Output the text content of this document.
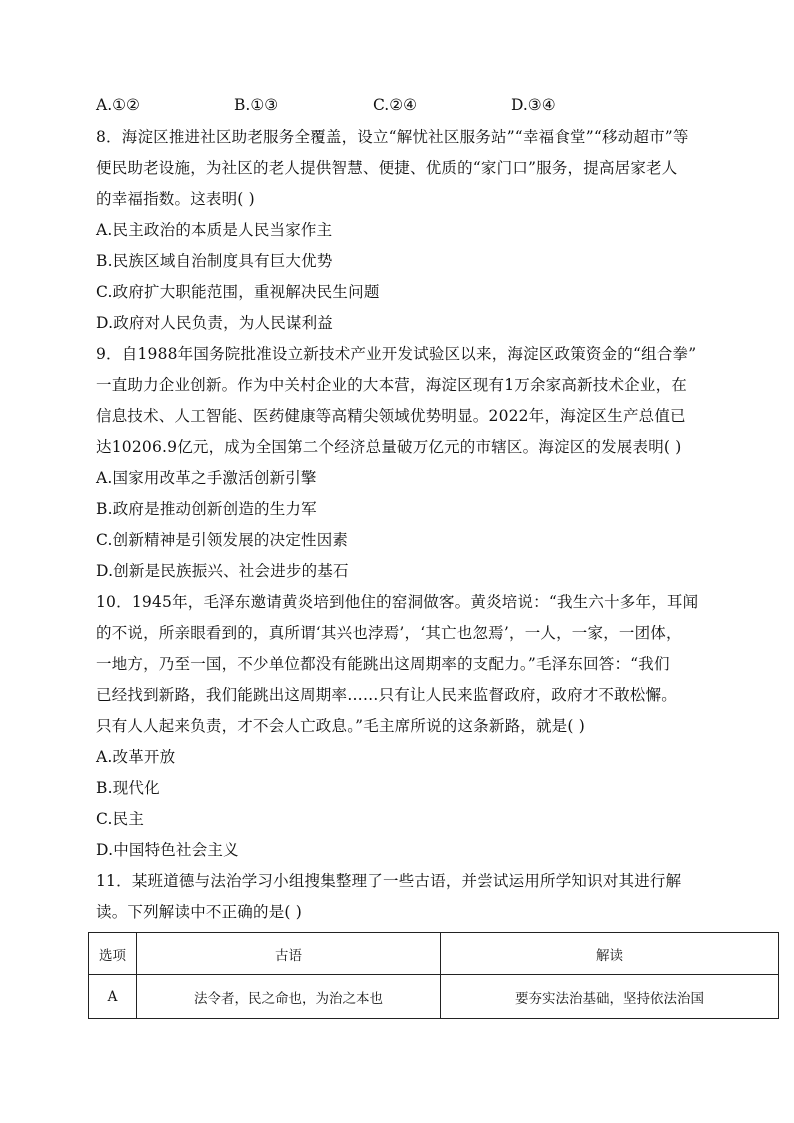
A.①②	B.①③	C.②④	D.③④
8．海淀区推进社区助老服务全覆盖，设立“解忧社区服务站”“幸福食堂”“移动超市”等
便民助老设施，为社区的老人提供智慧、便捷、优质的“家门口”服务，提高居家老人
的幸福指数。这表明( )
A.民主政治的本质是人民当家作主
B.民族区域自治制度具有巨大优势
C.政府扩大职能范围，重视解决民生问题
D.政府对人民负责，为人民谋利益
9．自1988年国务院批准设立新技术产业开发试验区以来，海淀区政策资金的“组合拳”
一直助力企业创新。作为中关村企业的大本营，海淀区现有1万余家高新技术企业，在
信息技术、人工智能、医药健康等高精尖领域优势明显。2022年，海淀区生产总值已
达10206.9亿元，成为全国第二个经济总量破万亿元的市辖区。海淀区的发展表明( )
A.国家用改革之手激活创新引擎
B.政府是推动创新创造的生力军
C.创新精神是引领发展的决定性因素
D.创新是民族振兴、社会进步的基石
10．1945年，毛泽东邀请黄炎培到他住的窑洞做客。黄炎培说：“我生六十多年，耳闻
的不说，所亲眼看到的，真所谓‘其兴也浡焉’，‘其亡也忽焉’，一人，一家，一团体，
一地方，乃至一国，不少单位都没有能跳出这周期率的支配力。”毛泽东回答：“我们
已经找到新路，我们能跳出这周期率……只有让人民来监督政府，政府才不敢松懈。
只有人人起来负责，才不会人亡政息。”毛主席所说的这条新路，就是( )
A.改革开放
B.现代化
C.民主
D.中国特色社会主义
11．某班道德与法治学习小组搜集整理了一些古语，并尝试运用所学知识对其进行解
读。下列解读中不正确的是( )
选项	古语	解读
A	法令者，民之命也，为治之本也	要夯实法治基础，坚持依法治国
